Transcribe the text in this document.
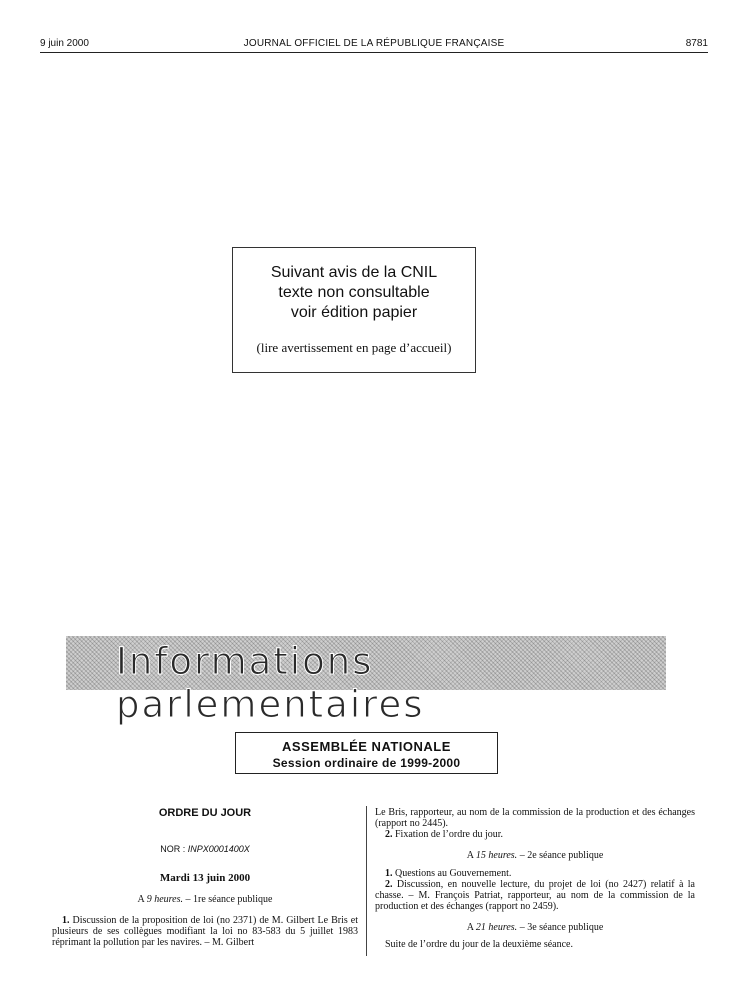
9 juin 2000	JOURNAL OFFICIEL DE LA RÉPUBLIQUE FRANÇAISE	8781
Suivant avis de la CNIL
texte non consultable
voir édition papier
(lire avertissement en page d’accueil)
Informations parlementaires
ASSEMBLÉE NATIONALE
Session ordinaire de 1999-2000
ORDRE DU JOUR
NOR : INPX0001400X
Mardi 13 juin 2000
A 9 heures. – 1re séance publique
1. Discussion de la proposition de loi (no 2371) de M. Gilbert Le Bris et plusieurs de ses collègues modifiant la loi no 83-583 du 5 juillet 1983 réprimant la pollution par les navires. – M. Gilbert
Le Bris, rapporteur, au nom de la commission de la production et des échanges (rapport no 2445).
2. Fixation de l’ordre du jour.
A 15 heures. – 2e séance publique
1. Questions au Gouvernement.
2. Discussion, en nouvelle lecture, du projet de loi (no 2427) relatif à la chasse. – M. François Patriat, rapporteur, au nom de la commission de la production et des échanges (rapport no 2459).
A 21 heures. – 3e séance publique
Suite de l’ordre du jour de la deuxième séance.
